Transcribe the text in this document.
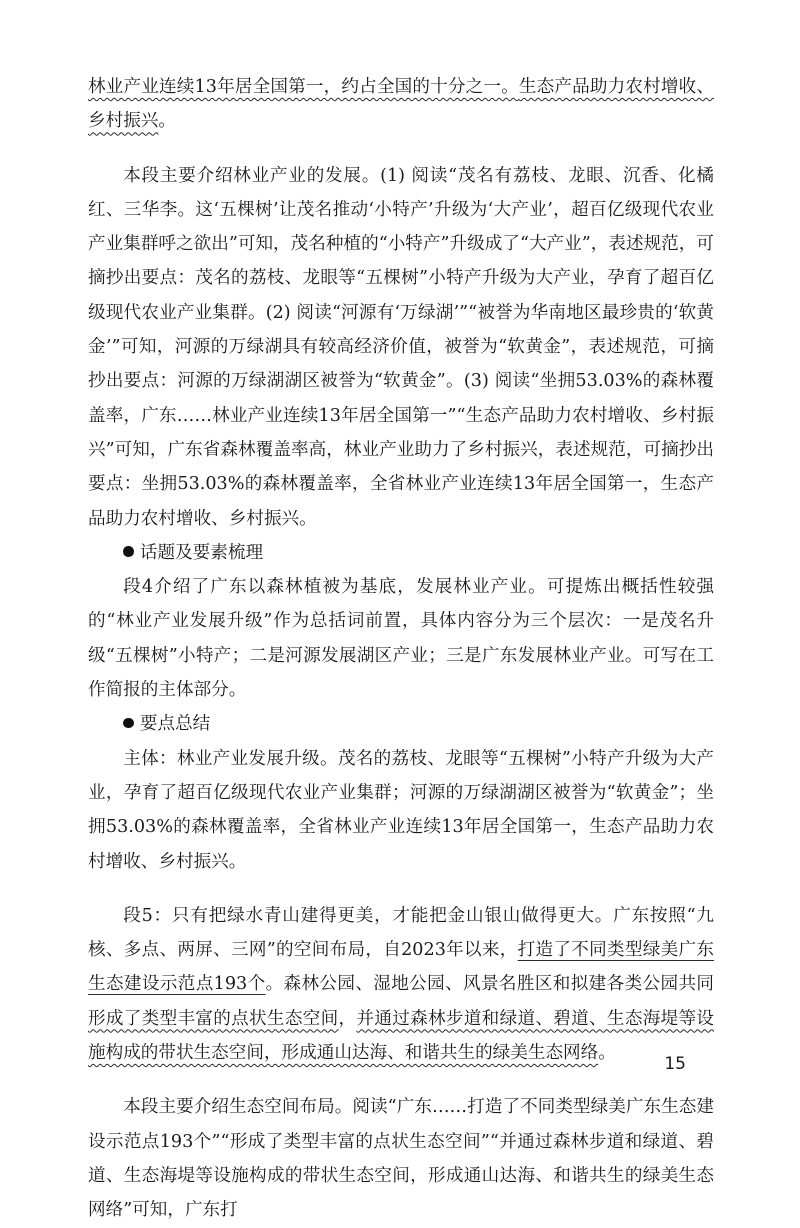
林业产业连续13年居全国第一，约占全国的十分之一。生态产品助力农村增收、乡村振兴。

本段主要介绍林业产业的发展。(1) 阅读“茂名有荔枝、龙眼、沉香、化橘红、三华李。这‘五棵树’让茂名推动‘小特产’升级为‘大产业’，超百亿级现代农业产业集群呼之欲出”可知，茂名种植的“小特产”升级成了“大产业”，表述规范，可摘抄出要点：茂名的荔枝、龙眼等“五棵树”小特产升级为大产业，孕育了超百亿级现代农业产业集群。(2) 阅读“河源有‘万绿湖’”“被誉为华南地区最珍贵的‘软黄金’”可知，河源的万绿湖具有较高经济价值，被誉为“软黄金”，表述规范，可摘抄出要点：河源的万绿湖湖区被誉为“软黄金”。(3) 阅读“坐拥53.03%的森林覆盖率，广东……林业产业连续13年居全国第一”“生态产品助力农村增收、乡村振兴”可知，广东省森林覆盖率高，林业产业助力了乡村振兴，表述规范，可摘抄出要点：坐拥53.03%的森林覆盖率，全省林业产业连续13年居全国第一，生态产品助力农村增收、乡村振兴。

话题及要素梳理

段4介绍了广东以森林植被为基底，发展林业产业。可提炼出概括性较强的“林业产业发展升级”作为总括词前置，具体内容分为三个层次：一是茂名升级“五棵树”小特产；二是河源发展湖区产业；三是广东发展林业产业。可写在工作简报的主体部分。

要点总结

主体：林业产业发展升级。茂名的荔枝、龙眼等“五棵树”小特产升级为大产业，孕育了超百亿级现代农业产业集群；河源的万绿湖湖区被誉为“软黄金”；坐拥53.03%的森林覆盖率，全省林业产业连续13年居全国第一，生态产品助力农村增收、乡村振兴。

段5：只有把绿水青山建得更美，才能把金山银山做得更大。广东按照“九核、多点、两屏、三网”的空间布局，自2023年以来，打造了不同类型绿美广东生态建设示范点193个。森林公园、湿地公园、风景名胜区和拟建各类公园共同形成了类型丰富的点状生态空间，并通过森林步道和绿道、碧道、生态海堤等设施构成的带状生态空间，形成通山达海、和谐共生的绿美生态网络。

本段主要介绍生态空间布局。阅读“广东……打造了不同类型绿美广东生态建设示范点193个”“形成了类型丰富的点状生态空间”“并通过森林步道和绿道、碧道、生态海堤等设施构成的带状生态空间，形成通山达海、和谐共生的绿美生态网络”可知，广东打

15
